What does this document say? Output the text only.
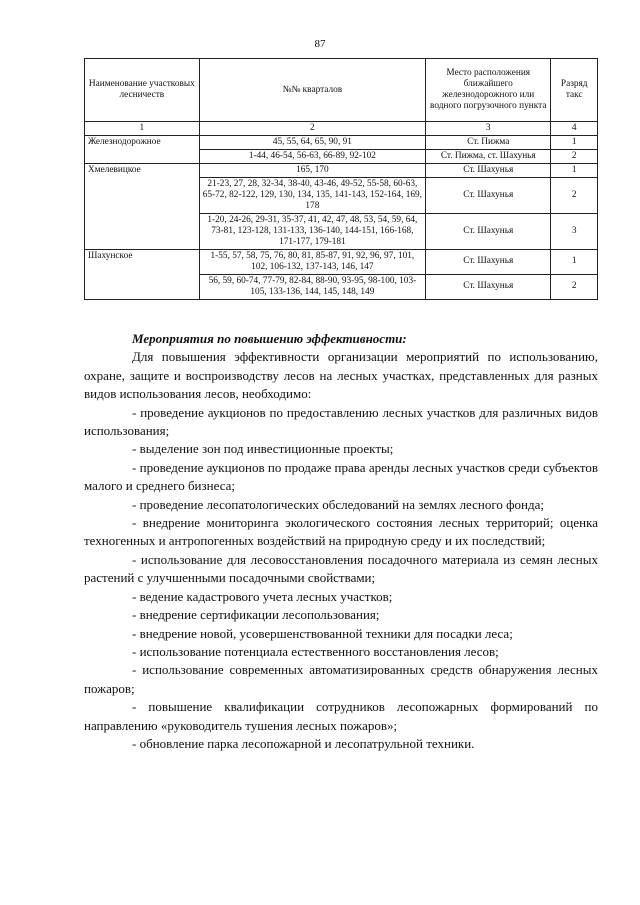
87
Наименование участковых лесничеств	№№ кварталов	Место расположения ближайшего железнодорожного или водного погрузочного пункта	Разряд такс
1	2	3	4
Железнодорожное	45, 55, 64, 65, 90, 91	Ст. Пижма	1
	1-44, 46-54, 56-63, 66-89, 92-102	Ст. Пижма, ст. Шахунья	2
Хмелевицкое	165, 170	Ст. Шахунья	1
	21-23, 27, 28, 32-34, 38-40, 43-46, 49-52, 55-58, 60-63, 65-72, 82-122, 129, 130, 134, 135, 141-143, 152-164, 169, 178	Ст. Шахунья	2
	1-20, 24-26, 29-31, 35-37, 41, 42, 47, 48, 53, 54, 59, 64, 73-81, 123-128, 131-133, 136-140, 144-151, 166-168, 171-177, 179-181	Ст. Шахунья	3
Шахунское	1-55, 57, 58, 75, 76, 80, 81, 85-87, 91, 92, 96, 97, 101, 102, 106-132, 137-143, 146, 147	Ст. Шахунья	1
	56, 59, 60-74, 77-79, 82-84, 88-90, 93-95, 98-100, 103-105, 133-136, 144, 145, 148, 149	Ст. Шахунья	2

Мероприятия по повышению эффективности:

Для повышения эффективности организации мероприятий по использованию, охране, защите и воспроизводству лесов на лесных участках, представленных для разных видов использования лесов, необходимо:

- проведение аукционов по предоставлению лесных участков для различных видов использования;

- выделение зон под инвестиционные проекты;

- проведение аукционов по продаже права аренды лесных участков среди субъектов малого и среднего бизнеса;

- проведение лесопатологических обследований на землях лесного фонда;

- внедрение мониторинга экологического состояния лесных территорий; оценка техногенных и антропогенных воздействий на природную среду и их последствий;

- использование для лесовосстановления посадочного материала из семян лесных растений с улучшенными посадочными свойствами;

- ведение кадастрового учета лесных участков;

- внедрение сертификации лесопользования;

- внедрение новой, усовершенствованной техники для посадки леса;

- использование потенциала естественного восстановления лесов;

- использование современных автоматизированных средств обнаружения лесных пожаров;

- повышение квалификации сотрудников лесопожарных формирований по направлению «руководитель тушения лесных пожаров»;

- обновление парка лесопожарной и лесопатрульной техники.
